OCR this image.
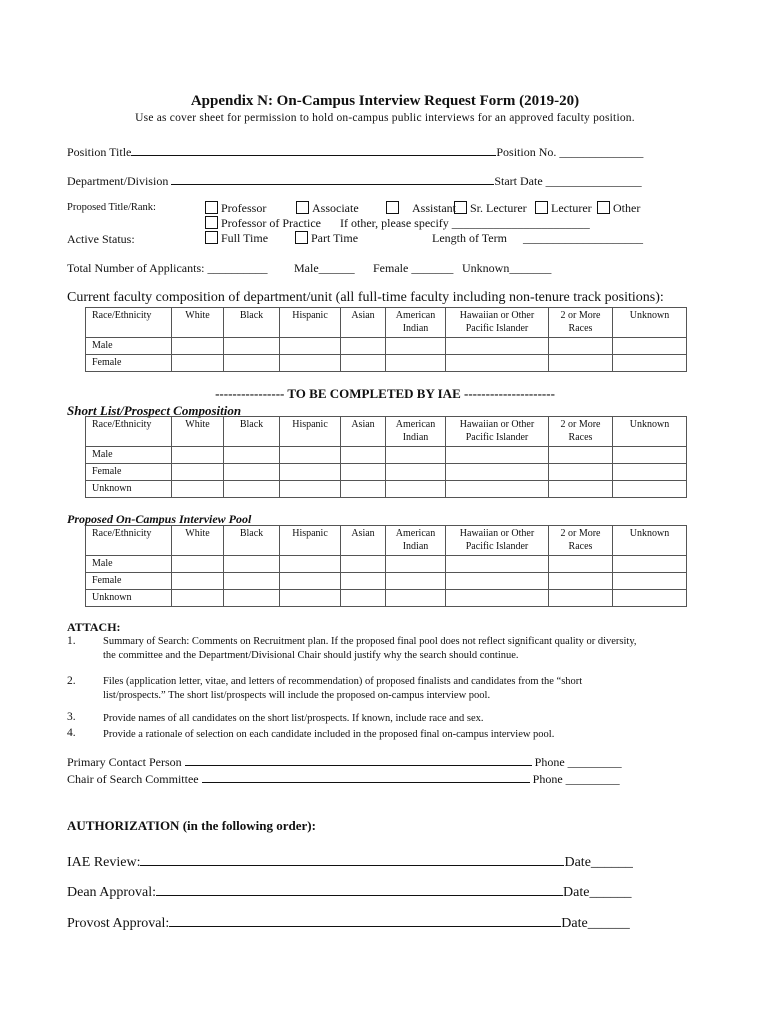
Appendix N: On-Campus Interview Request Form (2019-20)
Use as cover sheet for permission to hold on-campus public interviews for an approved faculty position.
Position Title	Position No. ______________
Department/Division	Start Date ________________
Proposed Title/Rank:	Professor	Associate	Assistant	Sr. Lecturer	Lecturer	Other
Professor of Practice If other, please specify _______________________
Active Status:	Full Time	Part Time	Length of Term ____________________
Total Number of Applicants: __________ Male______ Female _______ Unknown_______
Current faculty composition of department/unit (all full-time faculty including non-tenure track positions):
Race/Ethnicity	White	Black	Hispanic	Asian	American Indian	Hawaiian or Other Pacific Islander	2 or More Races	Unknown
Male								
Female								
---------------- TO BE COMPLETED BY IAE ---------------------
Short List/Prospect Composition
Race/Ethnicity	White	Black	Hispanic	Asian	American Indian	Hawaiian or Other Pacific Islander	2 or More Races	Unknown
Male								
Female								
Unknown								
Proposed On-Campus Interview Pool
Race/Ethnicity	White	Black	Hispanic	Asian	American Indian	Hawaiian or Other Pacific Islander	2 or More Races	Unknown
Male								
Female								
Unknown								
ATTACH:
1.	Summary of Search: Comments on Recruitment plan. If the proposed final pool does not reflect significant quality or diversity, the committee and the Department/Divisional Chair should justify why the search should continue.
2.	Files (application letter, vitae, and letters of recommendation) of proposed finalists and candidates from the “short list/prospects.” The short list/prospects will include the proposed on-campus interview pool.
3.	Provide names of all candidates on the short list/prospects. If known, include race and sex.
4.	Provide a rationale of selection on each candidate included in the proposed final on-campus interview pool.
Primary Contact Person	Phone _________
Chair of Search Committee	Phone _________
AUTHORIZATION (in the following order):
IAE Review:	Date______
Dean Approval:	Date______
Provost Approval:	Date______
